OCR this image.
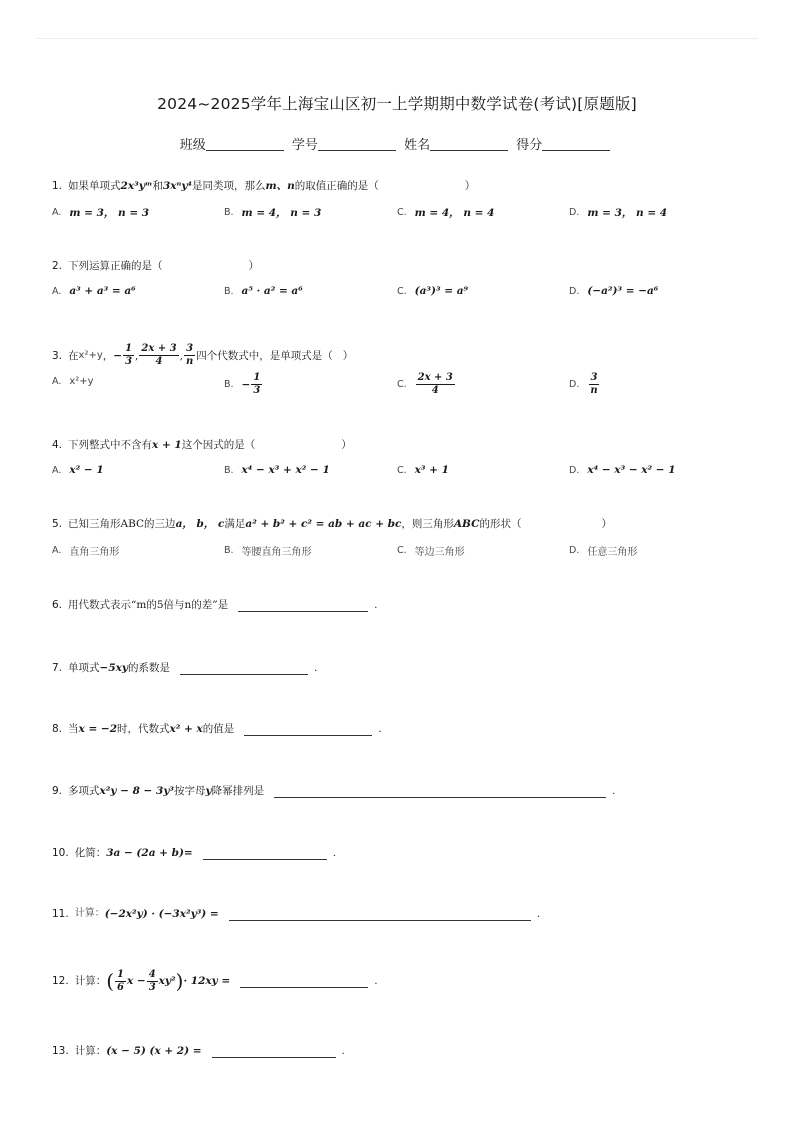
2024~2025学年上海宝山区初一上学期期中数学试卷(考试)[原题版]
班级	学号	姓名	得分
1. 如果单项式 2x³yᵐ 和 3xⁿy⁴ 是同类项，那么 m、n 的取值正确的是（	）
A. m = 3， n = 3	B. m = 4， n = 3	C. m = 4， n = 4	D. m = 3， n = 4
2. 下列运算正确的是（	）
A. a³ + a³ = a⁶	B. a⁵ · a² = a⁶	C. (a³)³ = a⁹	D. (−a²)³ = −a⁶
3. 在 x²+y ， − $\frac{1}{3}$ , $\frac{2x + 3}{4}$ , $\frac{3}{n}$ 四个代数式中，是单项式是（ ）
A. x²+y	B. − $\frac{1}{3}$	C. $\frac{2x + 3}{4}$	D. $\frac{3}{n}$
4. 下列整式中不含有 x + 1 这个因式的是（	）
A. x² − 1	B. x⁴ − x³ + x² − 1	C. x³ + 1	D. x⁴ − x³ − x² − 1
5. 已知三角形ABC的三边 a， b， c 满足 a² + b² + c² = ab + ac + bc ，则三角形 ABC 的形状（	）
A. 直角三角形	B. 等腰直角三角形	C. 等边三角形	D. 任意三角形
6. 用代数式表示“m的5倍与n的差”是	.
7. 单项式 −5xy 的系数是	.
8. 当 x = −2 时，代数式 x² + x 的值是	.
9. 多项式 x²y − 8 − 3y³ 按字母 y 降幂排列是	.
10. 化简： 3a − (2a + b)=	.
11. 计算： (−2x²y) · (−3x²y³) =	.
12. 计算： ( $\frac{1}{6}$ $x - \frac{4}{3} xy^2$ ) · 12xy =	.
13. 计算： (x − 5) (x + 2) =	.
